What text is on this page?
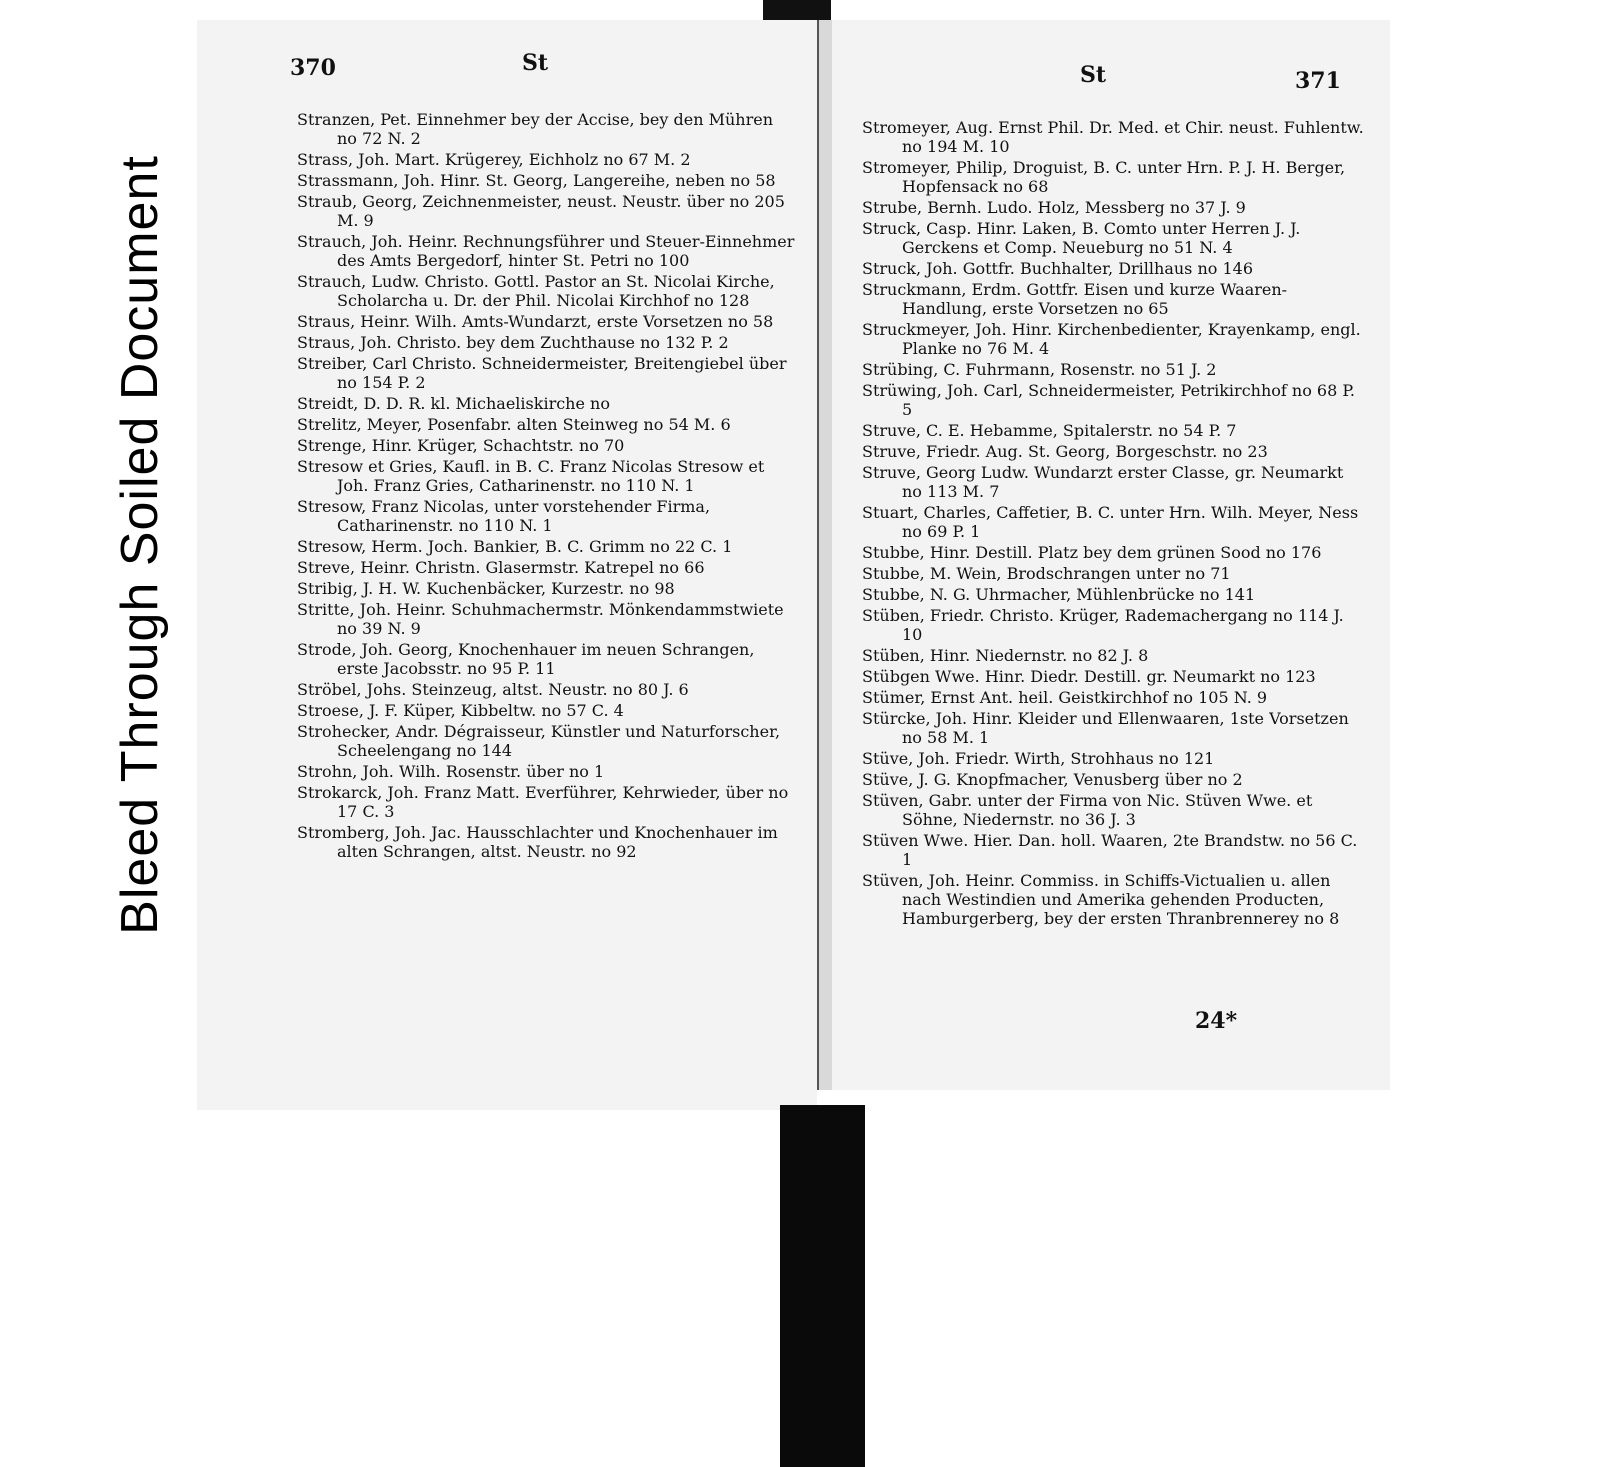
Bleed Through Soiled Document
370	St	St	371
Stranzen, Pet. Einnehmer bey der Accise, bey den Mühren no 72 N. 2
Strass, Joh. Mart. Krügerey, Eichholz no 67 M. 2
Strassmann, Joh. Hinr. St. Georg, Langereihe, neben no 58
Straub, Georg, Zeichnenmeister, neust. Neustr. über no 205 M. 9
Strauch, Joh. Heinr. Rechnungsführer und Steuer-Einnehmer des Amts Bergedorf, hinter St. Petri no 100
Strauch, Ludw. Christo. Gottl. Pastor an St. Nicolai Kirche, Scholarcha u. Dr. der Phil. Nicolai Kirchhof no 128
Straus, Heinr. Wilh. Amts-Wundarzt, erste Vorsetzen no 58
Straus, Joh. Christo. bey dem Zuchthause no 132 P. 2
Streiber, Carl Christo. Schneidermeister, Breitengiebel über no 154 P. 2
Streidt, D. D. R. kl. Michaeliskirche no
Strelitz, Meyer, Posenfabr. alten Steinweg no 54 M. 6
Strenge, Hinr. Krüger, Schachtstr. no 70
Stresow et Gries, Kaufl. in B. C. Franz Nicolas Stresow et Joh. Franz Gries, Catharinenstr. no 110 N. 1
Stresow, Franz Nicolas, unter vorstehender Firma, Catharinenstr. no 110 N. 1
Stresow, Herm. Joch. Bankier, B. C. Grimm no 22 C. 1
Streve, Heinr. Christn. Glasermstr. Katrepel no 66
Stribig, J. H. W. Kuchenbäcker, Kurzestr. no 98
Stritte, Joh. Heinr. Schuhmachermstr. Mönkendammstwiete no 39 N. 9
Strode, Joh. Georg, Knochenhauer im neuen Schrangen, erste Jacobsstr. no 95 P. 11
Ströbel, Johs. Steinzeug, altst. Neustr. no 80 J. 6
Stroese, J. F. Küper, Kibbeltw. no 57 C. 4
Strohecker, Andr. Dégraisseur, Künstler und Naturforscher, Scheelengang no 144
Strohn, Joh. Wilh. Rosenstr. über no 1
Strokarck, Joh. Franz Matt. Everführer, Kehrwieder, über no 17 C. 3
Stromberg, Joh. Jac. Hausschlachter und Knochenhauer im alten Schrangen, altst. Neustr. no 92
Stromeyer, Aug. Ernst Phil. Dr. Med. et Chir. neust. Fuhlentw. no 194 M. 10
Stromeyer, Philip, Droguist, B. C. unter Hrn. P. J. H. Berger, Hopfensack no 68
Strube, Bernh. Ludo. Holz, Messberg no 37 J. 9
Struck, Casp. Hinr. Laken, B. Comto unter Herren J. J. Gerckens et Comp. Neueburg no 51 N. 4
Struck, Joh. Gottfr. Buchhalter, Drillhaus no 146
Struckmann, Erdm. Gottfr. Eisen und kurze Waaren-Handlung, erste Vorsetzen no 65
Struckmeyer, Joh. Hinr. Kirchenbedienter, Krayenkamp, engl. Planke no 76 M. 4
Strübing, C. Fuhrmann, Rosenstr. no 51 J. 2
Strüwing, Joh. Carl, Schneidermeister, Petrikirchhof no 68 P. 5
Struve, C. E. Hebamme, Spitalerstr. no 54 P. 7
Struve, Friedr. Aug. St. Georg, Borgeschstr. no 23
Struve, Georg Ludw. Wundarzt erster Classe, gr. Neumarkt no 113 M. 7
Stuart, Charles, Caffetier, B. C. unter Hrn. Wilh. Meyer, Ness no 69 P. 1
Stubbe, Hinr. Destill. Platz bey dem grünen Sood no 176
Stubbe, M. Wein, Brodschrangen unter no 71
Stubbe, N. G. Uhrmacher, Mühlenbrücke no 141
Stüben, Friedr. Christo. Krüger, Rademachergang no 114 J. 10
Stüben, Hinr. Niedernstr. no 82 J. 8
Stübgen Wwe. Hinr. Diedr. Destill. gr. Neumarkt no 123
Stümer, Ernst Ant. heil. Geistkirchhof no 105 N. 9
Stürcke, Joh. Hinr. Kleider und Ellenwaaren, 1ste Vorsetzen no 58 M. 1
Stüve, Joh. Friedr. Wirth, Strohhaus no 121
Stüve, J. G. Knopfmacher, Venusberg über no 2
Stüven, Gabr. unter der Firma von Nic. Stüven Wwe. et Söhne, Niedernstr. no 36 J. 3
Stüven Wwe. Hier. Dan. holl. Waaren, 2te Brandstw. no 56 C. 1
Stüven, Joh. Heinr. Commiss. in Schiffs-Victualien u. allen nach Westindien und Amerika gehenden Producten, Hamburgerberg, bey der ersten Thranbrennerey no 8
24*
